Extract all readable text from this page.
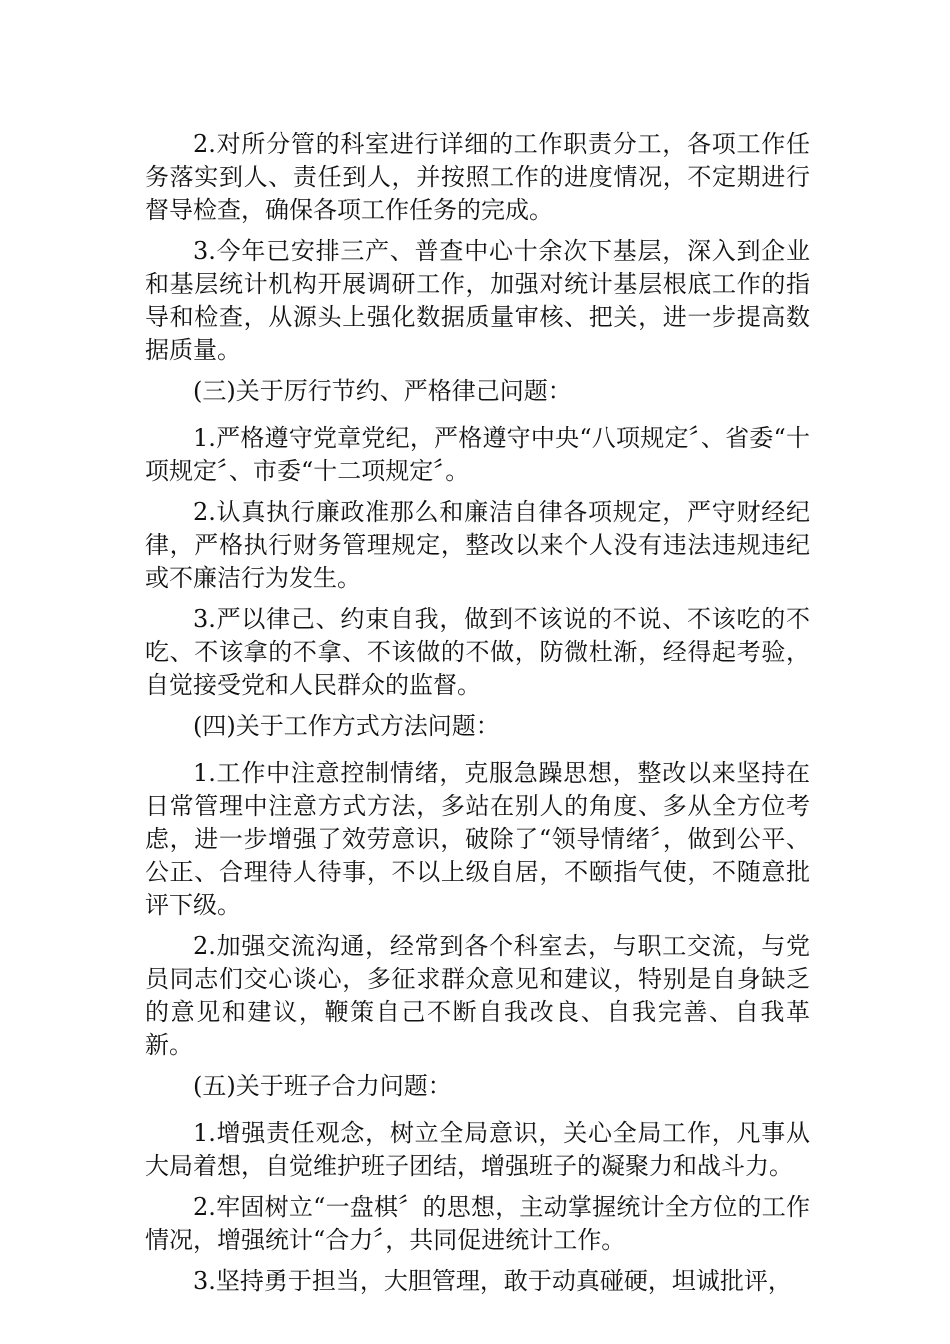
2.对所分管的科室进行详细的工作职责分工，各项工作任务落实到人、责任到人，并按照工作的进度情况，不定期进行督导检查，确保各项工作任务的完成。

3.今年已安排三产、普查中心十余次下基层，深入到企业和基层统计机构开展调研工作，加强对统计基层根底工作的指导和检查，从源头上强化数据质量审核、把关，进一步提高数据质量。

(三)关于厉行节约、严格律己问题：

1.严格遵守党章党纪，严格遵守中央“八项规定〞、省委“十项规定〞、市委“十二项规定〞。

2.认真执行廉政准那么和廉洁自律各项规定，严守财经纪律，严格执行财务管理规定，整改以来个人没有违法违规违纪或不廉洁行为发生。

3.严以律己、约束自我，做到不该说的不说、不该吃的不吃、不该拿的不拿、不该做的不做，防微杜渐，经得起考验，自觉接受党和人民群众的监督。

(四)关于工作方式方法问题：

1.工作中注意控制情绪，克服急躁思想，整改以来坚持在日常管理中注意方式方法，多站在别人的角度、多从全方位考虑，进一步增强了效劳意识，破除了“领导情绪〞，做到公平、公正、合理待人待事，不以上级自居，不颐指气使，不随意批评下级。

2.加强交流沟通，经常到各个科室去，与职工交流，与党员同志们交心谈心，多征求群众意见和建议，特别是自身缺乏的意见和建议，鞭策自己不断自我改良、自我完善、自我革新。

(五)关于班子合力问题：

1.增强责任观念，树立全局意识，关心全局工作，凡事从大局着想，自觉维护班子团结，增强班子的凝聚力和战斗力。

2.牢固树立“一盘棋〞的思想，主动掌握统计全方位的工作情况，增强统计“合力〞，共同促进统计工作。

3.坚持勇于担当，大胆管理，敢于动真碰硬，坦诚批评，
